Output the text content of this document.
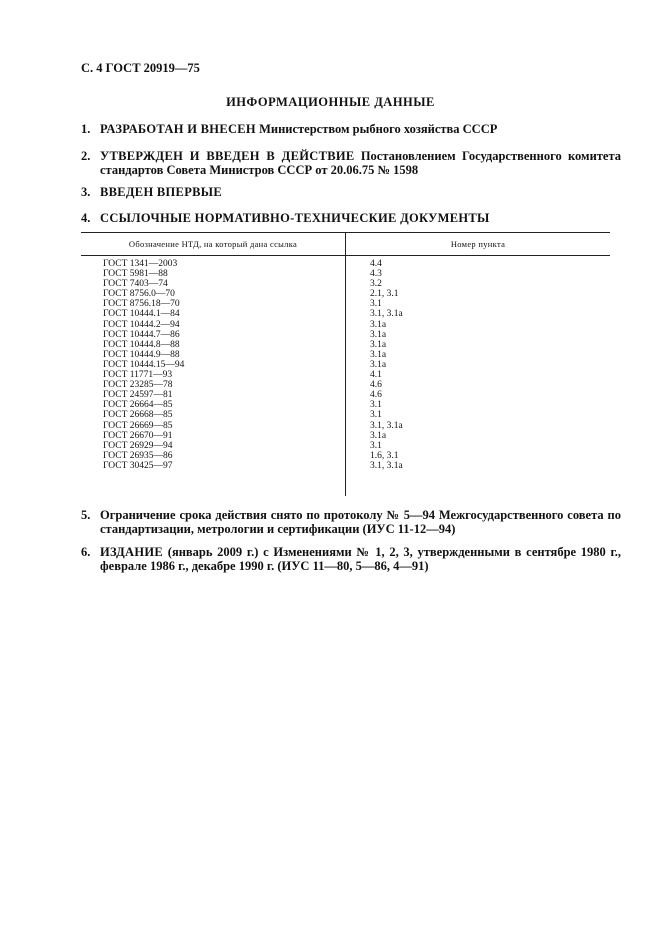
С. 4 ГОСТ 20919—75
ИНФОРМАЦИОННЫЕ ДАННЫЕ
1. РАЗРАБОТАН И ВНЕСЕН Министерством рыбного хозяйства СССР
2. УТВЕРЖДЕН И ВВЕДЕН В ДЕЙСТВИЕ Постановлением Государственного комитета стандартов Совета Министров СССР от 20.06.75 № 1598
3. ВВЕДЕН ВПЕРВЫЕ
4. ССЫЛОЧНЫЕ НОРМАТИВНО-ТЕХНИЧЕСКИЕ ДОКУМЕНТЫ
Обозначение НТД, на который дана ссылка	Номер пункта
ГОСТ 1341—2003
ГОСТ 5981—88
ГОСТ 7403—74
ГОСТ 8756.0—70
ГОСТ 8756.18—70
ГОСТ 10444.1—84
ГОСТ 10444.2—94
ГОСТ 10444.7—86
ГОСТ 10444.8—88
ГОСТ 10444.9—88
ГОСТ 10444.15—94
ГОСТ 11771—93
ГОСТ 23285—78
ГОСТ 24597—81
ГОСТ 26664—85
ГОСТ 26668—85
ГОСТ 26669—85
ГОСТ 26670—91
ГОСТ 26929—94
ГОСТ 26935—86
ГОСТ 30425—97
4.4
4.3
3.2
2.1, 3.1
3.1
3.1, 3.1а
3.1а
3.1а
3.1а
3.1а
3.1а
4.1
4.6
4.6
3.1
3.1
3.1, 3.1а
3.1а
3.1
1.6, 3.1
3.1, 3.1а
5. Ограничение срока действия снято по протоколу № 5—94 Межгосударственного совета по стандартизации, метрологии и сертификации (ИУС 11-12—94)
6. ИЗДАНИЕ (январь 2009 г.) с Изменениями № 1, 2, 3, утвержденными в сентябре 1980 г., феврале 1986 г., декабре 1990 г. (ИУС 11—80, 5—86, 4—91)
